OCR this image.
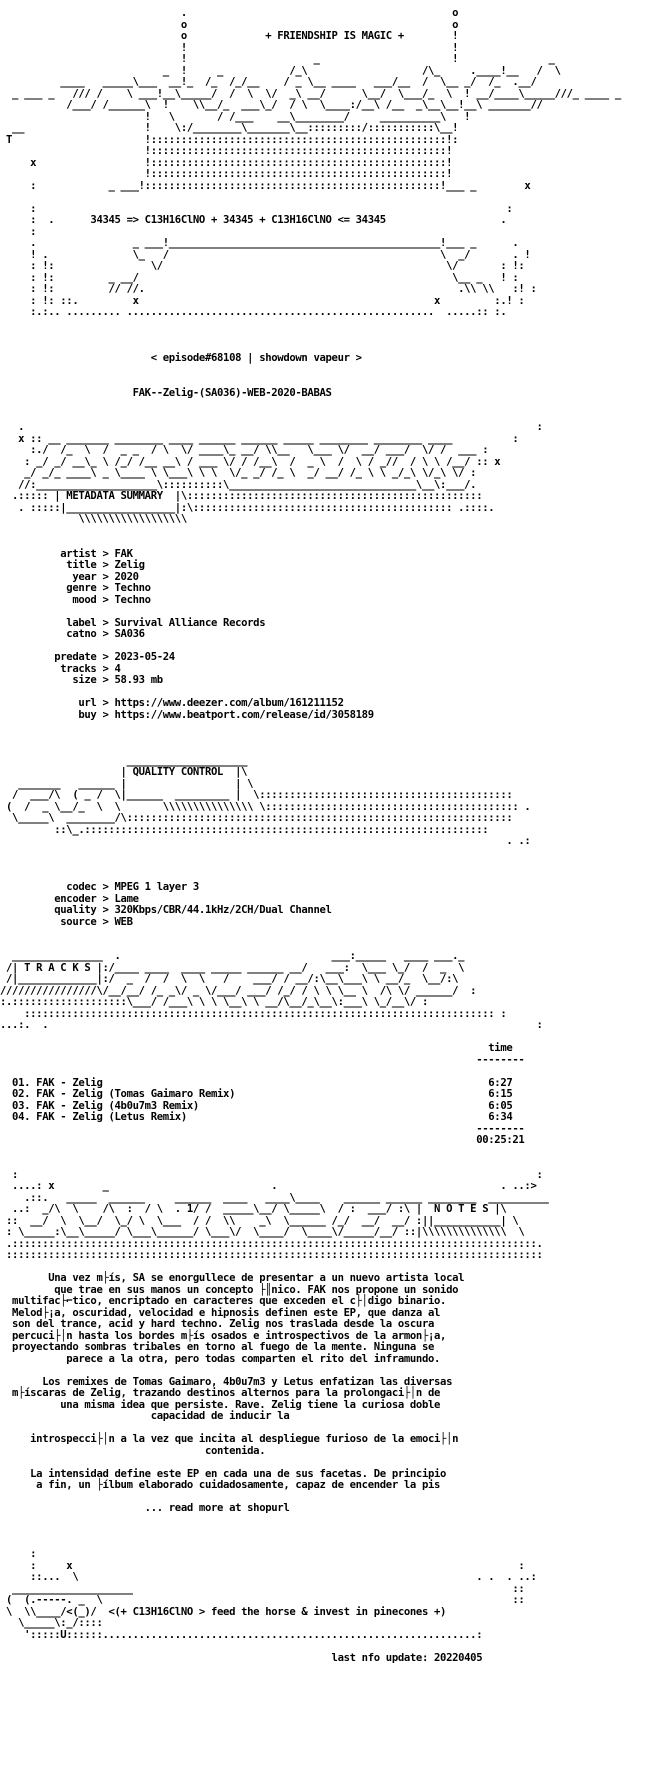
.                                            o
o                                            o
o             + FRIENDSHIP IS MAGIC +        !
!                                            !
!                     _                      !               _
_  !     _           /_\                   /\_     .____!__   /  \
____   _____\___  __!_  /_  /_/__    / _ \__ ____   ___/__  /  \__ _/  /_  .__/
_ ___ _   /// /    \ ___!__\_____/  /  \  \/  _\ __/      \__/  \___/_  \  ! __/____\_____///_ ____ _
/___/ /______\  !    \\__/_  ___\_/  / \  \____:/__\ /__  _\__\__!__\ _______//
!   \       / /___    __\________/     __________\   !
__                    !    \:/________\_______\__:::::::::/:::::::::::\__!
T                      !:::::::::::::::::::::::::::::::::::::::::::::::::!:
!:::::::::::::::::::::::::::::::::::::::::::::::::!
x                  !:::::::::::::::::::::::::::::::::::::::::::::::::!
!:::::::::::::::::::::::::::::::::::::::::::::::::!
:            _ ___!:::::::::::::::::::::::::::::::::::::::::::::::::!___ _        x
:                                                                              :
:  .      34345 => C13H16ClNO + 34345 + C13H16ClNO <= 34345                   .
:
.                _ ___!_____________________________________________!___ _      .
! .              \_   /                                             \  _/       . !
: !:                \/                                               \/       : !:
: !:         _ __/                                                    \__ _   ! :
: !:         // //.                                                    .\\ \\   :! :
: !: ::.         x                                                 x         :.! :
:.:.. ......... ...................................................  .....:: :.
< episode#68108 | showdown vapeur >
FAK--Zelig-(SA036)-WEB-2020-BABAS
.                                                                                     :
x :: __ _______ ________ ____ ______ ______ _____ ________ ________ ____          :
:./  /_  \  /  _ _  / \  \/ ____\_ __/ \\__   \___ \/  __/ ___/  \/ /  ___ :
: _/ _/ __\_ \ /_/ /__ __\ / ___ \/ / /__\  /  _ \  /  \ / _//  / \ \ /__/ :: x
_/ _/_ ____\ _ \____ \ \___\ \ \  \/_ _/ /_ \  _/ __/ /_ \ \ _/_\ \/_\ \/ :
//:____________________\::::::::::\_______________________________\__\:___/.
.::::: | METADATA SUMMARY  |\:::::::::::::::::::::::::::::::::::::::::::::::::
. :::::|__________________|:\::::::::::::::::::::::::::::::::::::::::::: .::::.
\\\\\\\\\\\\\\\\\\
artist > FAK
title > Zelig
year > 2020
genre > Techno
mood > Techno
label > Survival Alliance Records
catno > SA036
predate > 2023-05-24
tracks > 4
size > 58.93 mb
url > https://www.deezer.com/album/161211152
buy > https://www.beatport.com/release/id/3058189
____________________
| QUALITY CONTROL  |\
_______   ______ |                  | \
/  ___/\  ( _ /  \|______  _________ |  \::::::::::::::::::::::::::::::::::::::::::
(  /  _ \__/_  \  \       \\\\\\\\\\\\\\\ \:::::::::::::::::::::::::::::::::::::::::: .
\_____\  ________/\::::::::::::::::::::::::::::::::::::::::::::::::::::::::::::::::
::\_.:::::::::::::::::::::::::::::::::::::::::::::::::::::::::::::::::::
. .:
codec > MPEG 1 layer 3
encoder > Lame
quality > 320Kbps/CBR/44.1kHz/2CH/Dual Channel
source > WEB
_______________  .                                   ___:_____   ____ ___._
/| T R A C K S |:/____ ____  ____ _____ ______ __/   ___:  \___ \_/  /  _  \
/|_____________|:/  _  /  /  \  \   /    ___/ / __/:\__\___\ \ __/_  \__/:\
////////////////\/__/__/ /_ _\/ _ \/___/ ___/ /_/ / \ \ \__ \  /\ \/ ______/  :
:.:::::::::::::::::::\___/ /___\ \ \ \__\ \ __/\__/_\__\:___\ \_/__\/ :
:::::::::::::::::::::::::::::::::::::::::::::::::::::::::::::::::::::::::::::: :
...:.  .                                                                                 :
time
--------
01. FAK - Zelig                                                                6:27
02. FAK - Zelig (Tomas Gaimaro Remix)                                          6:15
03. FAK - Zelig (4b0u7m3 Remix)                                                6:05
04. FAK - Zelig (Letus Remix)                                                  6:34
--------
00:25:21
:                                                                                      :
....: x        _                           .                                     . ..:>
.::.   _____  ______     ______  ____   ____\____    ______ ______ ________  __________
..:  _/\  \    /\  :  / \  . 1/ /  _____\__/ \_____\  / :  ___/ :\ |  N O T E S |\
::  __/  \  \__/  \_/ \  \___  / /  \\    _\  \______ /_/  __/  __/ :||___________| \
: \_____:\__\_____/ \___\______/ \___\/  \____/  \____\/_____/__/ ::|\\\\\\\\\\\\\\  \
.:::::::::::::::::::::::::::::::::::::::::::::::::::::::::::::::::::::::::::::::::::::::.
:::::::::::::::::::::::::::::::::::::::::::::::::::::::::::::::::::::::::::::::::::::::::
Una vez m├ís, SA se enorgullece de presentar a un nuevo artista local
que trae en sus manos un concepto ├║nico. FAK nos propone un sonido
multifac├⌐tico, encriptado en caracteres que exceden el c├│digo binario.
Melod├¡a, oscuridad, velocidad e hipnosis definen este EP, que danza al
son del trance, acid y hard techno. Zelig nos traslada desde la oscura
percuci├│n hasta los bordes m├ís osados e introspectivos de la armon├¡a,
proyectando sombras tribales en torno al fuego de la mente. Ninguna se
parece a la otra, pero todas comparten el rito del inframundo.
Los remixes de Tomas Gaimaro, 4b0u7m3 y Letus enfatizan las diversas
m├íscaras de Zelig, trazando destinos alternos para la prolongaci├│n de
una misma idea que persiste. Rave. Zelig tiene la curiosa doble
capacidad de inducir la
introspecci├│n a la vez que incita al despliegue furioso de la emoci├│n
contenida.
La intensidad define este EP en cada una de sus facetas. De principio
a fin, un ├ílbum elaborado cuidadosamente, capaz de encender la pis
... read more at shopurl
:
:     x                                                                          :
::...  \                                                                  . .  . ..:
____________________                                                               ::
(  (.-----. _  \                                                                    ::
\  \\____/<(_)/  <(+ C13H16ClNO > feed the horse & invest in pinecones +)
\_____\:_/::::
':::::U::::::..............................................................:
last nfo update: 20220405
